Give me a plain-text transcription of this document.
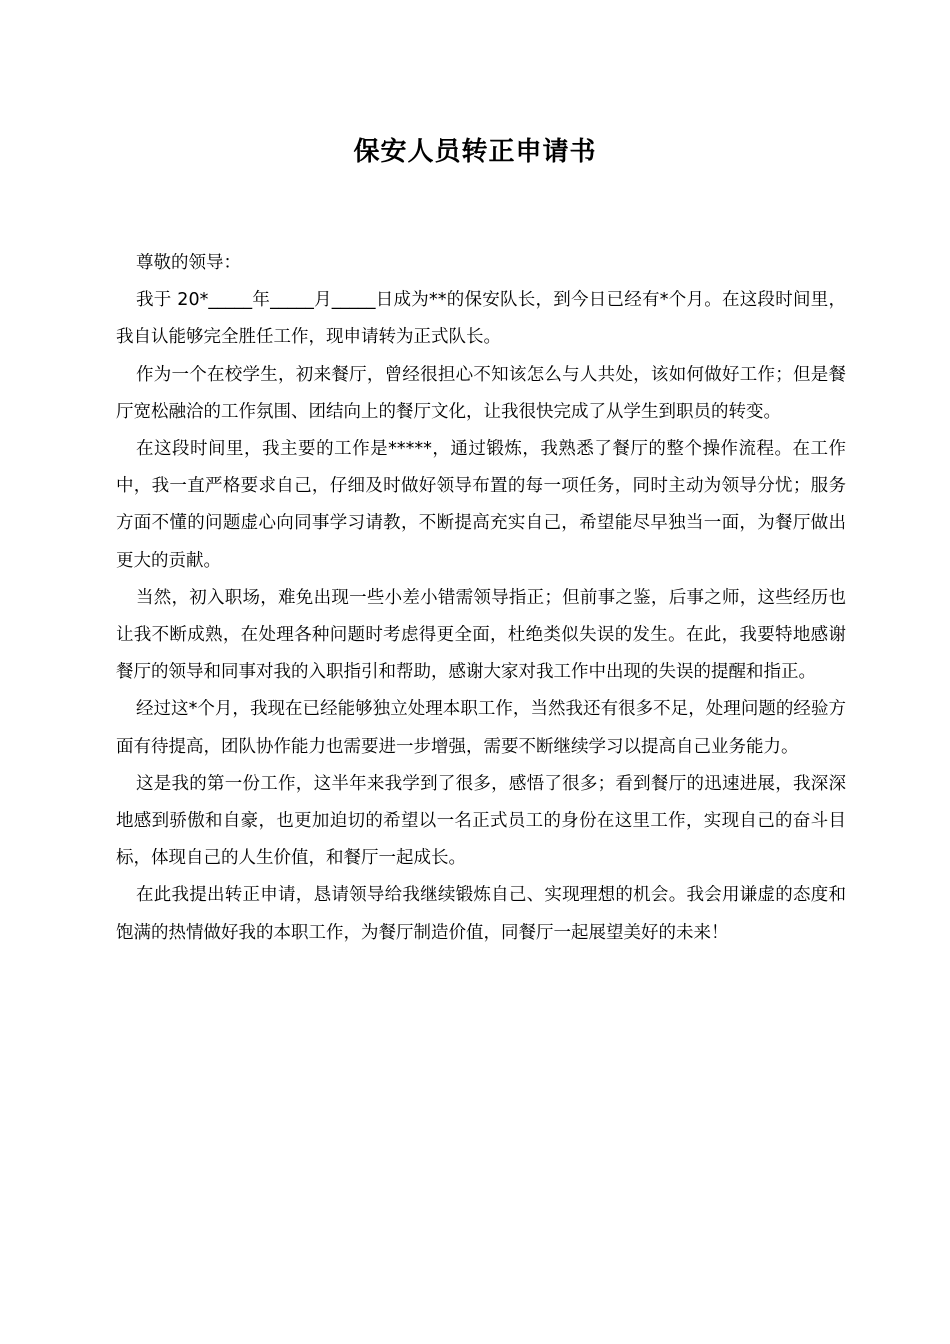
保安人员转正申请书

尊敬的领导：

我于 20*_____年_____月_____日成为**的保安队长，到今日已经有*个月。在这段时间里，我自认能够完全胜任工作，现申请转为正式队长。

作为一个在校学生，初来餐厅，曾经很担心不知该怎么与人共处，该如何做好工作；但是餐厅宽松融洽的工作氛围、团结向上的餐厅文化，让我很快完成了从学生到职员的转变。

在这段时间里，我主要的工作是*****，通过锻炼，我熟悉了餐厅的整个操作流程。在工作中，我一直严格要求自己，仔细及时做好领导布置的每一项任务，同时主动为领导分忧；服务方面不懂的问题虚心向同事学习请教，不断提高充实自己，希望能尽早独当一面，为餐厅做出更大的贡献。

当然，初入职场，难免出现一些小差小错需领导指正；但前事之鉴，后事之师，这些经历也让我不断成熟，在处理各种问题时考虑得更全面，杜绝类似失误的发生。在此，我要特地感谢餐厅的领导和同事对我的入职指引和帮助，感谢大家对我工作中出现的失误的提醒和指正。

经过这*个月，我现在已经能够独立处理本职工作，当然我还有很多不足，处理问题的经验方面有待提高，团队协作能力也需要进一步增强，需要不断继续学习以提高自己业务能力。

这是我的第一份工作，这半年来我学到了很多，感悟了很多；看到餐厅的迅速进展，我深深地感到骄傲和自豪，也更加迫切的希望以一名正式员工的身份在这里工作，实现自己的奋斗目标，体现自己的人生价值，和餐厅一起成长。

在此我提出转正申请，恳请领导给我继续锻炼自己、实现理想的机会。我会用谦虚的态度和饱满的热情做好我的本职工作，为餐厅制造价值，同餐厅一起展望美好的未来！
